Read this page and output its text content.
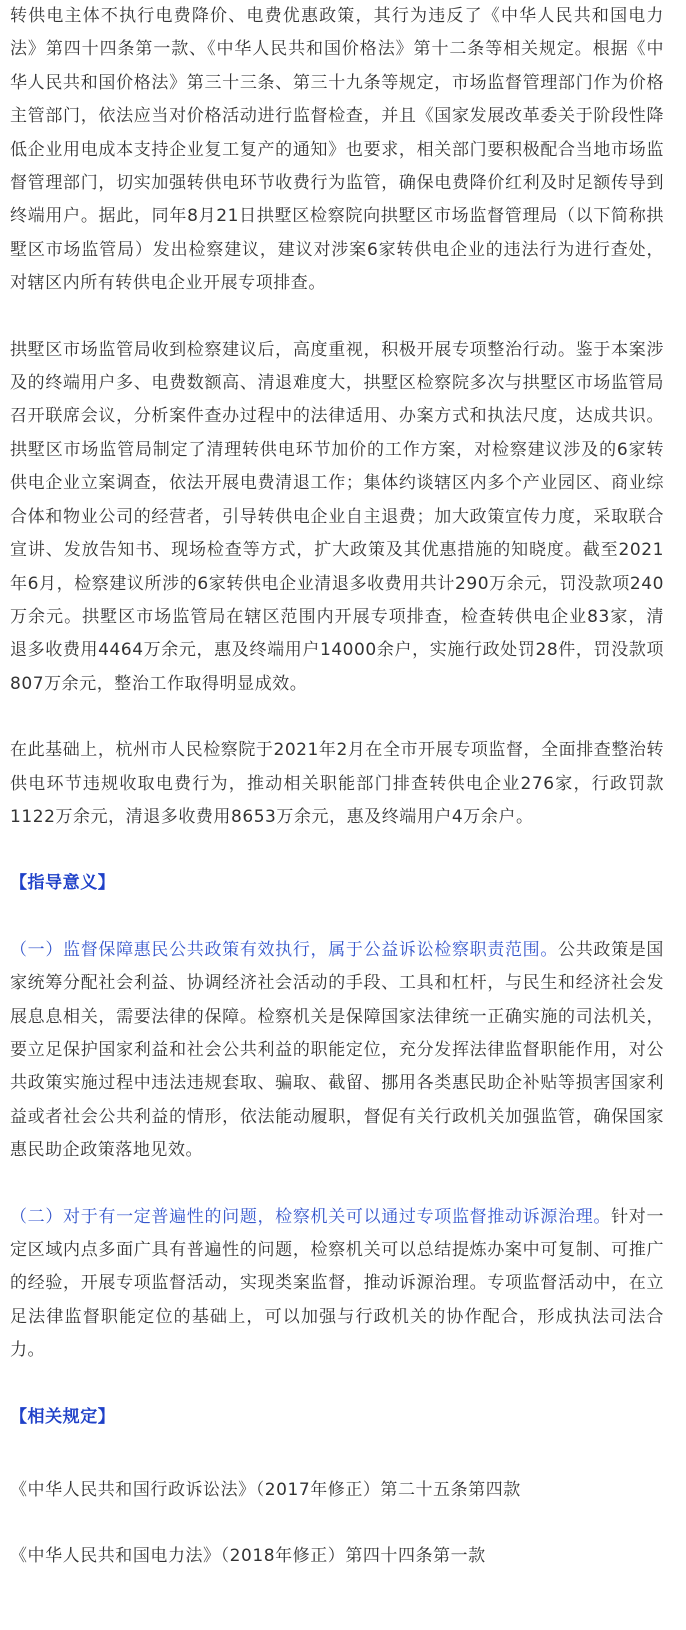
转供电主体不执行电费降价、电费优惠政策，其行为违反了《中华人民共和国电力法》第四十四条第一款、《中华人民共和国价格法》第十二条等相关规定。根据《中华人民共和国价格法》第三十三条、第三十九条等规定，市场监督管理部门作为价格主管部门，依法应当对价格活动进行监督检查，并且《国家发展改革委关于阶段性降低企业用电成本支持企业复工复产的通知》也要求，相关部门要积极配合当地市场监督管理部门，切实加强转供电环节收费行为监管，确保电费降价红利及时足额传导到终端用户。据此，同年8月21日拱墅区检察院向拱墅区市场监督管理局（以下简称拱墅区市场监管局）发出检察建议，建议对涉案6家转供电企业的违法行为进行查处，对辖区内所有转供电企业开展专项排查。

拱墅区市场监管局收到检察建议后，高度重视，积极开展专项整治行动。鉴于本案涉及的终端用户多、电费数额高、清退难度大，拱墅区检察院多次与拱墅区市场监管局召开联席会议，分析案件查办过程中的法律适用、办案方式和执法尺度，达成共识。拱墅区市场监管局制定了清理转供电环节加价的工作方案，对检察建议涉及的6家转供电企业立案调查，依法开展电费清退工作；集体约谈辖区内多个产业园区、商业综合体和物业公司的经营者，引导转供电企业自主退费；加大政策宣传力度，采取联合宣讲、发放告知书、现场检查等方式，扩大政策及其优惠措施的知晓度。截至2021年6月，检察建议所涉的6家转供电企业清退多收费用共计290万余元，罚没款项240万余元。拱墅区市场监管局在辖区范围内开展专项排查，检查转供电企业83家，清退多收费用4464万余元，惠及终端用户14000余户，实施行政处罚28件，罚没款项807万余元，整治工作取得明显成效。

在此基础上，杭州市人民检察院于2021年2月在全市开展专项监督，全面排查整治转供电环节违规收取电费行为，推动相关职能部门排查转供电企业276家，行政罚款1122万余元，清退多收费用8653万余元，惠及终端用户4万余户。

【指导意义】

（一）监督保障惠民公共政策有效执行，属于公益诉讼检察职责范围。公共政策是国家统筹分配社会利益、协调经济社会活动的手段、工具和杠杆，与民生和经济社会发展息息相关，需要法律的保障。检察机关是保障国家法律统一正确实施的司法机关，要立足保护国家利益和社会公共利益的职能定位，充分发挥法律监督职能作用，对公共政策实施过程中违法违规套取、骗取、截留、挪用各类惠民助企补贴等损害国家利益或者社会公共利益的情形，依法能动履职，督促有关行政机关加强监管，确保国家惠民助企政策落地见效。

（二）对于有一定普遍性的问题，检察机关可以通过专项监督推动诉源治理。针对一定区域内点多面广具有普遍性的问题，检察机关可以总结提炼办案中可复制、可推广的经验，开展专项监督活动，实现类案监督，推动诉源治理。专项监督活动中，在立足法律监督职能定位的基础上，可以加强与行政机关的协作配合，形成执法司法合力。

【相关规定】

《中华人民共和国行政诉讼法》（2017年修正）第二十五条第四款

《中华人民共和国电力法》（2018年修正）第四十四条第一款
